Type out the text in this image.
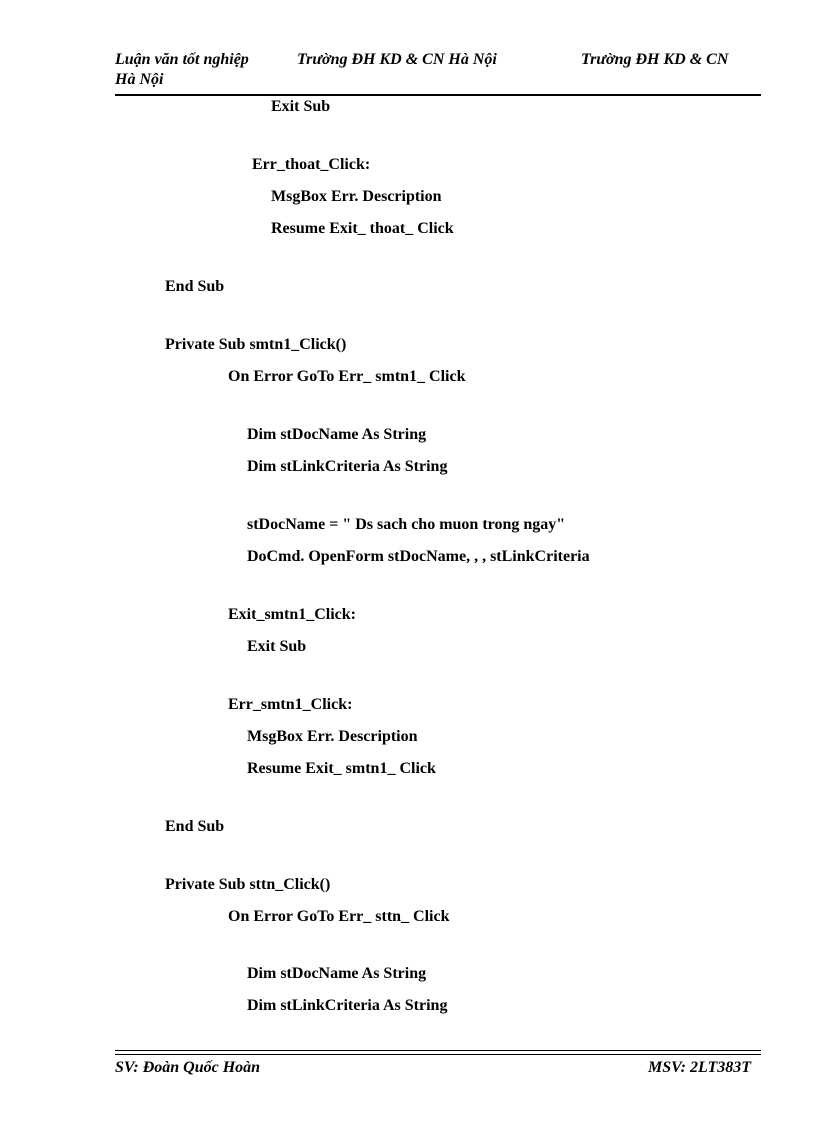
Luận văn tốt nghiệp	Trường ĐH KD & CN Hà Nội	Trường ĐH KD & CN
Hà Nội
Exit Sub
Err_thoat_Click:
MsgBox Err. Description
Resume Exit_ thoat_ Click
End Sub
Private Sub smtn1_Click()
On Error GoTo Err_ smtn1_ Click
Dim stDocName As String
Dim stLinkCriteria As String
stDocName = " Ds sach cho muon trong ngay"
DoCmd. OpenForm stDocName, , , stLinkCriteria
Exit_smtn1_Click:
Exit Sub
Err_smtn1_Click:
MsgBox Err. Description
Resume Exit_ smtn1_ Click
End Sub
Private Sub sttn_Click()
On Error GoTo Err_ sttn_ Click
Dim stDocName As String
Dim stLinkCriteria As String
SV: Đoàn Quốc Hoàn	MSV: 2LT383T
